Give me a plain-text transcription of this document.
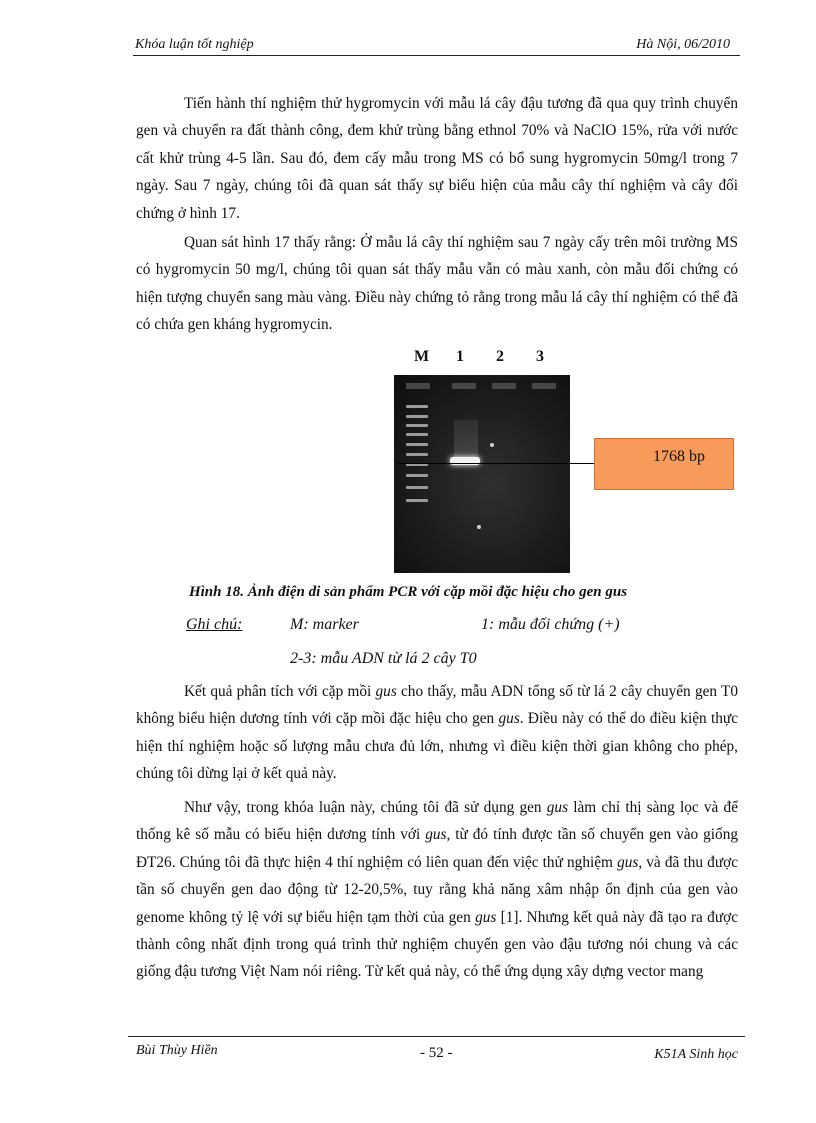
Khóa luận tốt nghiệp	Hà Nội, 06/2010

Tiến hành thí nghiệm thử hygromycin với mẫu lá cây đậu tương đã qua quy trình chuyển gen và chuyển ra đất thành công, đem khử trùng bằng ethnol 70% và NaClO 15%, rửa với nước cất khử trùng 4-5 lần. Sau đó, đem cấy mẫu trong MS có bổ sung hygromycin 50mg/l trong 7 ngày. Sau 7 ngày, chúng tôi đã quan sát thấy sự biểu hiện của mẫu cây thí nghiệm và cây đối chứng ở hình 17.

Quan sát hình 17 thấy rằng: Ở mẫu lá cây thí nghiệm sau 7 ngày cấy trên môi trường MS có hygromycin 50 mg/l, chúng tôi quan sát thấy mẫu vẫn có màu xanh, còn mẫu đối chứng có hiện tượng chuyển sang màu vàng. Điều này chứng tỏ rằng trong mẫu lá cây thí nghiệm có thể đã có chứa gen kháng hygromycin.

M 1 2 3
1768 bp
Hình 18. Ảnh điện di sản phẩm PCR với cặp mồi đặc hiệu cho gen gus
Ghi chú:	M: marker	1: mẫu đối chứng (+)
2-3: mẫu ADN từ lá 2 cây T0

Kết quả phân tích với cặp mồi gus cho thấy, mẫu ADN tổng số từ lá 2 cây chuyển gen T0 không biểu hiện dương tính với cặp mồi đặc hiệu cho gen gus. Điều này có thể do điều kiện thực hiện thí nghiệm hoặc số lượng mẫu chưa đủ lớn, nhưng vì điều kiện thời gian không cho phép, chúng tôi dừng lại ở kết quả này.

Như vậy, trong khóa luận này, chúng tôi đã sử dụng gen gus làm chỉ thị sàng lọc và để thống kê số mẫu có biểu hiện dương tính với gus, từ đó tính được tần số chuyển gen vào giống ĐT26. Chúng tôi đã thực hiện 4 thí nghiệm có liên quan đến việc thử nghiệm gus, và đã thu được tần số chuyển gen dao động từ 12-20,5%, tuy rằng khả năng xâm nhập ổn định của gen vào genome không tỷ lệ với sự biểu hiện tạm thời của gen gus [1]. Nhưng kết quả này đã tạo ra được thành công nhất định trong quá trình thử nghiệm chuyển gen vào đậu tương nói chung và các giống đậu tương Việt Nam nói riêng. Từ kết quả này, có thể ứng dụng xây dựng vector mang

Bùi Thùy Hiền	- 52 -	K51A Sinh học
